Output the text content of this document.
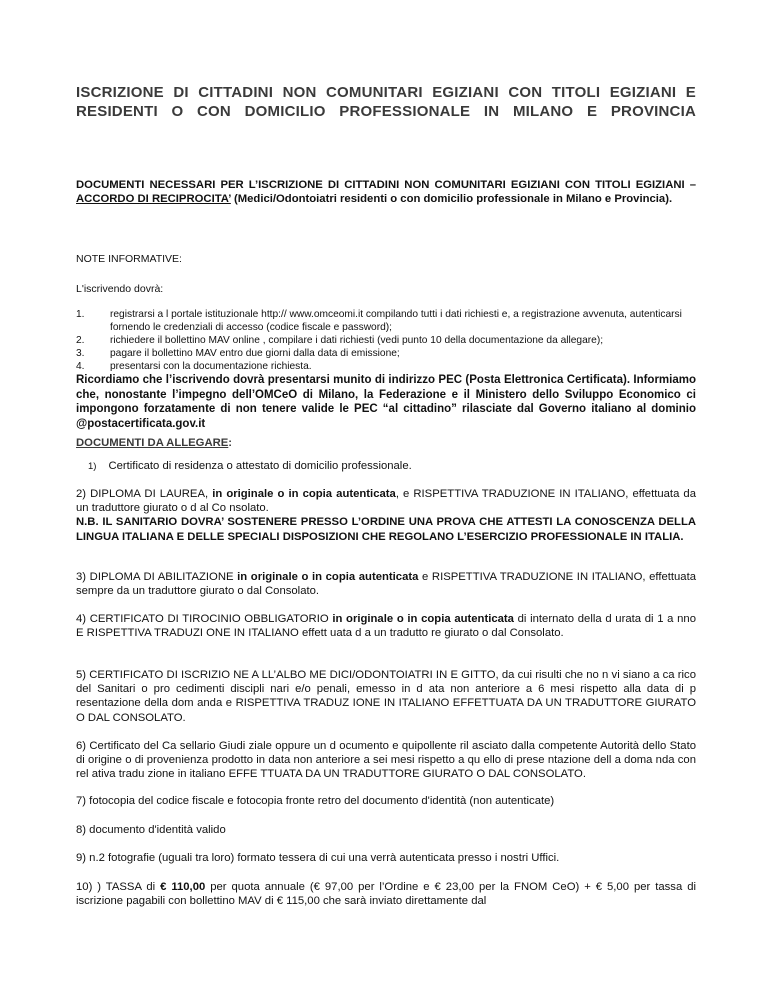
ISCRIZIONE DI CITTADINI NON COMUNITARI EGIZIANI CON TITOLI EGIZIANI E
RESIDENTI O CON DOMICILIO PROFESSIONALE IN MILANO E PROVINCIA
DOCUMENTI NECESSARI PER L’ISCRIZIONE DI CITTADINI NON COMUNITARI EGIZIANI CON TITOLI EGIZIANI – ACCORDO DI RECIPROCITA’ (Medici/Odontoiatri residenti o con domicilio professionale in Milano e Provincia).
NOTE INFORMATIVE:
L'iscrivendo dovrà:
1.	registrarsi a l portale istituzionale http:// www.omceomi.it compilando tutti i dati richiesti e, a registrazione avvenuta, autenticarsi fornendo le credenziali di accesso (codice fiscale e password);
2.	richiedere il bollettino MAV online , compilare i dati richiesti (vedi punto 10 della documentazione da allegare);
3.	pagare il bollettino MAV entro due giorni dalla data di emissione;
4.	presentarsi con la documentazione richiesta.
Ricordiamo che l’iscrivendo dovrà presentarsi munito di indirizzo PEC (Posta Elettronica Certificata). Informiamo che, nonostante l’impegno dell’OMCeO di Milano, la Federazione e il Ministero dello Sviluppo Economico ci impongono forzatamente di non tenere valide le PEC “al cittadino” rilasciate dal Governo italiano al dominio @postacertificata.gov.it
DOCUMENTI DA ALLEGARE:
1) Certificato di residenza o attestato di domicilio professionale.
2) DIPLOMA DI LAUREA, in originale o in copia autenticata, e RISPETTIVA TRADUZIONE IN ITALIANO, effettuata da un traduttore giurato o d al Co nsolato.
N.B. IL SANITARIO DOVRA’ SOSTENERE PRESSO L’ORDINE UNA PROVA CHE ATTESTI LA CONOSCENZA DELLA LINGUA ITALIANA E DELLE SPECIALI DISPOSIZIONI CHE REGOLANO L’ESERCIZIO PROFESSIONALE IN ITALIA.
3) DIPLOMA DI ABILITAZIONE in originale o in copia autenticata e RISPETTIVA TRADUZIONE IN ITALIANO, effettuata sempre da un traduttore giurato o dal Consolato.
4) CERTIFICATO DI TIROCINIO OBBLIGATORIO in originale o in copia autenticata di internato della d urata di 1 a nno E RISPETTIVA TRADUZI ONE IN ITALIANO effett uata d a un tradutto re giurato o dal Consolato.
5) CERTIFICATO DI ISCRIZIO NE A LL’ALBO ME DICI/ODONTOIATRI IN E GITTO, da cui risulti che no n vi siano a ca rico del Sanitari o pro cedimenti discipli nari e/o penali, emesso in d ata non anteriore a 6 mesi rispetto alla data di p resentazione della dom anda e RISPETTIVA TRADUZ IONE IN ITALIANO EFFETTUATA DA UN TRADUTTORE GIURATO O DAL CONSOLATO.
6) Certificato del Ca sellario Giudi ziale oppure un d ocumento e quipollente ril asciato dalla competente Autorità dello Stato di origine o di provenienza prodotto in data non anteriore a sei mesi rispetto a qu ello di prese ntazione dell a doma nda con rel ativa tradu zione in italiano EFFE TTUATA DA UN TRADUTTORE GIURATO O DAL CONSOLATO.
7) fotocopia del codice fiscale e fotocopia fronte retro del documento d'identità (non autenticate)
8) documento d'identità valido
9) n.2 fotografie (uguali tra loro) formato tessera di cui una verrà autenticata presso i nostri Uffici.
10) ) TASSA di € 110,00 per quota annuale (€ 97,00 per l’Ordine e € 23,00 per la FNOM CeO) + € 5,00 per tassa di iscrizione pagabili con bollettino MAV di € 115,00 che sarà inviato direttamente dal
